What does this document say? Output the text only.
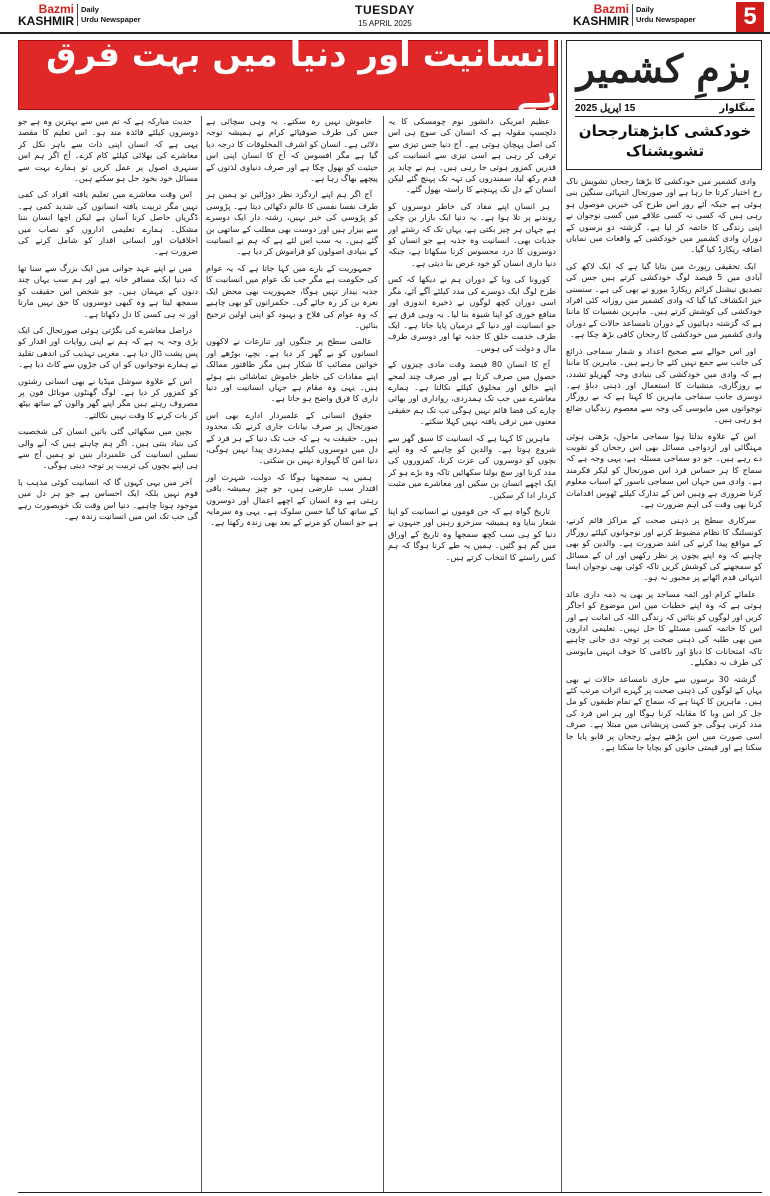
Bazmi
KASHMIR
Daily
Urdu Newspaper
TUESDAY
15 APRIL 2025
Bazmi
KASHMIR
Daily
Urdu Newspaper	5
بزمِ کشمیر
منگلوار
15 اپریل 2025
خودکشی کابڑھتارجحان تشویشناک
انسانیت اور دنیا میں بہت فرق ہے

وادی کشمیر میں خودکشی کا بڑھتا رجحان تشویش ناک رخ اختیار کرتا جا رہا ہے اور صورتحال انتہائی سنگین بنی ہوئی ہے جبکہ آئے روز اس طرح کی خبریں موصول ہو رہی ہیں کہ کسی نہ کسی علاقے میں کسی نوجوان نے اپنی زندگی کا خاتمہ کر لیا ہے۔ گزشتہ دو برسوں کے دوران وادی کشمیر میں خودکشی کے واقعات میں نمایاں اضافہ ریکارڈ کیا گیا۔

ایک تحقیقی رپورٹ میں بتایا گیا ہے کہ ایک لاکھ کی آبادی میں 5 فیصد لوگ خودکشی کرتے ہیں جس کی تصدیق نیشنل کرائم ریکارڈ بیورو نے بھی کی ہے۔ سنسنی خیز انکشاف کیا گیا کہ وادی کشمیر میں روزانہ کئی افراد خودکشی کی کوشش کرتے ہیں۔ ماہرین نفسیات کا ماننا ہے کہ گزشتہ دہائیوں کے دوران نامساعد حالات کے دوران وادی کشمیر میں خودکشی کا رجحان کافی بڑھ چکا ہے۔

اور اس حوالے سے صحیح اعداد و شمار سماجی ذرائع کی جانب سے جمع نہیں کئے جا رہے ہیں۔ ماہرین کا ماننا ہے کہ وادی میں خودکشی کی بنیادی وجہ گھریلو تشدد، بے روزگاری، منشیات کا استعمال اور ذہنی دباؤ ہے۔ دوسری جانب سماجی ماہرین کا کہنا ہے کہ بے روزگار نوجوانوں میں مایوسی کی وجہ سے معصوم زندگیاں ضائع ہو رہی ہیں۔

اس کے علاوہ بدلتا ہوا سماجی ماحول، بڑھتی ہوئی مہنگائی اور ازدواجی مسائل بھی اس رجحان کو تقویت دے رہے ہیں۔ جو دو سماجی مسئلہ ہے، یہی وجہ ہے کہ سماج کا ہر حساس فرد اس صورتحال کو لیکر فکرمند ہے۔ وادی میں جہاں اس سماجی ناسور کے اسباب معلوم کرنا ضروری ہے وہیں اس کے تدارک کیلئے ٹھوس اقدامات کرنا بھی وقت کی اہم ضرورت ہے۔

سرکاری سطح پر ذہنی صحت کے مراکز قائم کرنے، کونسلنگ کا نظام مضبوط کرنے اور نوجوانوں کیلئے روزگار کے مواقع پیدا کرنے کی اشد ضرورت ہے۔ والدین کو بھی چاہیے کہ وہ اپنے بچوں پر نظر رکھیں اور ان کے مسائل کو سمجھنے کی کوشش کریں تاکہ کوئی بھی نوجوان ایسا انتہائی قدم اٹھانے پر مجبور نہ ہو۔

علمائے کرام اور ائمہ مساجد پر بھی یہ ذمہ داری عائد ہوتی ہے کہ وہ اپنے خطبات میں اس موضوع کو اجاگر کریں اور لوگوں کو بتائیں کہ زندگی اللہ کی امانت ہے اور اس کا خاتمہ کسی مسئلے کا حل نہیں۔ تعلیمی اداروں میں بھی طلبہ کی ذہنی صحت پر توجہ دی جانی چاہیے تاکہ امتحانات کا دباؤ اور ناکامی کا خوف انہیں مایوسی کی طرف نہ دھکیلے۔

گزشتہ 30 برسوں سے جاری نامساعد حالات نے بھی یہاں کے لوگوں کی ذہنی صحت پر گہرے اثرات مرتب کئے ہیں۔ ماہرین کا کہنا ہے کہ سماج کے تمام طبقوں کو مل جل کر اس وبا کا مقابلہ کرنا ہوگا اور ہر اس فرد کی مدد کرنی ہوگی جو کسی پریشانی میں مبتلا ہے۔ صرف اسی صورت میں اس بڑھتے ہوئے رجحان پر قابو پایا جا سکتا ہے اور قیمتی جانوں کو بچایا جا سکتا ہے۔

عظیم امریکی دانشور نوم چومسکی کا یہ دلچسپ مقولہ ہے کہ انسان کی سوچ ہی اس کی اصل پہچان ہوتی ہے۔ آج دنیا جس تیزی سے ترقی کر رہی ہے اسی تیزی سے انسانیت کی قدریں کمزور ہوتی جا رہی ہیں۔ ہم نے چاند پر قدم رکھ لیا، سمندروں کی تہہ تک پہنچ گئے لیکن انسان کے دل تک پہنچنے کا راستہ بھول گئے۔

ہر انسان اپنے مفاد کی خاطر دوسروں کو روندنے پر تلا ہوا ہے۔ یہ دنیا ایک بازار بن چکی ہے جہاں ہر چیز بکتی ہے، یہاں تک کہ رشتے اور جذبات بھی۔ انسانیت وہ جذبہ ہے جو انسان کو دوسروں کا درد محسوس کرنا سکھاتا ہے، جبکہ دنیا داری انسان کو خود غرض بنا دیتی ہے۔

کورونا کی وبا کے دوران ہم نے دیکھا کہ کس طرح لوگ ایک دوسرے کی مدد کیلئے آگے آئے، مگر اسی دوران کچھ لوگوں نے ذخیرہ اندوزی اور منافع خوری کو اپنا شیوہ بنا لیا۔ یہ وہی فرق ہے جو انسانیت اور دنیا کے درمیان پایا جاتا ہے۔ ایک طرف خدمت خلق کا جذبہ تھا اور دوسری طرف مال و دولت کی ہوس۔

آج کا انسان 80 فیصد وقت مادی چیزوں کے حصول میں صرف کرتا ہے اور صرف چند لمحے اپنے خالق اور مخلوق کیلئے نکالتا ہے۔ ہمارے معاشرے میں جب تک ہمدردی، رواداری اور بھائی چارے کی فضا قائم نہیں ہوگی تب تک ہم حقیقی معنوں میں ترقی یافتہ نہیں کہلا سکتے۔

ماہرین کا کہنا ہے کہ انسانیت کا سبق گھر سے شروع ہوتا ہے۔ والدین کو چاہیے کہ وہ اپنے بچوں کو دوسروں کی عزت کرنا، کمزوروں کی مدد کرنا اور سچ بولنا سکھائیں تاکہ وہ بڑے ہو کر ایک اچھے انسان بن سکیں اور معاشرے میں مثبت کردار ادا کر سکیں۔

تاریخ گواہ ہے کہ جن قوموں نے انسانیت کو اپنا شعار بنایا وہ ہمیشہ سرخرو رہیں اور جنہوں نے دنیا کو ہی سب کچھ سمجھا وہ تاریخ کے اوراق میں گم ہو گئیں۔ ہمیں یہ طے کرنا ہوگا کہ ہم کس راستے کا انتخاب کرتے ہیں۔

خاموش نہیں رہ سکتے۔ یہ وہی سچائی ہے جس کی طرف صوفیائے کرام نے ہمیشہ توجہ دلائی ہے۔ انسان کو اشرف المخلوقات کا درجہ دیا گیا ہے مگر افسوس کہ آج کا انسان اپنی اس حیثیت کو بھول چکا ہے اور صرف دنیاوی لذتوں کے پیچھے بھاگ رہا ہے۔

آج اگر ہم اپنے اردگرد نظر دوڑائیں تو ہمیں ہر طرف نفسا نفسی کا عالم دکھائی دیتا ہے۔ پڑوسی کو پڑوسی کی خبر نہیں، رشتہ دار ایک دوسرے سے بیزار ہیں اور دوست بھی مطلب کے ساتھی بن گئے ہیں۔ یہ سب اس لئے ہے کہ ہم نے انسانیت کے بنیادی اصولوں کو فراموش کر دیا ہے۔

جمہوریت کے بارے میں کہا جاتا ہے کہ یہ عوام کی حکومت ہے مگر جب تک عوام میں انسانیت کا جذبہ بیدار نہیں ہوگا، جمہوریت بھی محض ایک نعرہ بن کر رہ جائے گی۔ حکمرانوں کو بھی چاہیے کہ وہ عوام کی فلاح و بہبود کو اپنی اولین ترجیح بنائیں۔

عالمی سطح پر جنگوں اور تنازعات نے لاکھوں انسانوں کو بے گھر کر دیا ہے۔ بچے، بوڑھے اور خواتین مصائب کا شکار ہیں مگر طاقتور ممالک اپنے مفادات کی خاطر خاموش تماشائی بنے ہوئے ہیں۔ یہی وہ مقام ہے جہاں انسانیت اور دنیا داری کا فرق واضح ہو جاتا ہے۔

حقوق انسانی کے علمبردار ادارے بھی اس صورتحال پر صرف بیانات جاری کرنے تک محدود ہیں۔ حقیقت یہ ہے کہ جب تک دنیا کے ہر فرد کے دل میں دوسروں کیلئے ہمدردی پیدا نہیں ہوگی، دنیا امن کا گہوارہ نہیں بن سکتی۔

ہمیں یہ سمجھنا ہوگا کہ دولت، شہرت اور اقتدار سب عارضی ہیں، جو چیز ہمیشہ باقی رہتی ہے وہ انسان کے اچھے اعمال اور دوسروں کے ساتھ کیا گیا حسن سلوک ہے۔ یہی وہ سرمایہ ہے جو انسان کو مرنے کے بعد بھی زندہ رکھتا ہے۔

حدیث مبارکہ ہے کہ تم میں سے بہترین وہ ہے جو دوسروں کیلئے فائدہ مند ہو۔ اس تعلیم کا مقصد یہی ہے کہ انسان اپنی ذات سے باہر نکل کر معاشرے کی بھلائی کیلئے کام کرے۔ آج اگر ہم اس سنہری اصول پر عمل کریں تو ہمارے بہت سے مسائل خود بخود حل ہو سکتے ہیں۔

اس وقت معاشرے میں تعلیم یافتہ افراد کی کمی نہیں مگر تربیت یافتہ انسانوں کی شدید کمی ہے۔ ڈگریاں حاصل کرنا آسان ہے لیکن اچھا انسان بننا مشکل۔ ہمارے تعلیمی اداروں کو نصاب میں اخلاقیات اور انسانی اقدار کو شامل کرنے کی ضرورت ہے۔

میں نے اپنے عہد جوانی میں ایک بزرگ سے سنا تھا کہ دنیا ایک مسافر خانہ ہے اور ہم سب یہاں چند دنوں کے مہمان ہیں۔ جو شخص اس حقیقت کو سمجھ لیتا ہے وہ کبھی دوسروں کا حق نہیں مارتا اور نہ ہی کسی کا دل دکھاتا ہے۔

دراصل معاشرے کی بگڑتی ہوئی صورتحال کی ایک بڑی وجہ یہ ہے کہ ہم نے اپنی روایات اور اقدار کو پس پشت ڈال دیا ہے۔ مغربی تہذیب کی اندھی تقلید نے ہمارے نوجوانوں کو ان کی جڑوں سے کاٹ دیا ہے۔

اس کے علاوہ سوشل میڈیا نے بھی انسانی رشتوں کو کمزور کر دیا ہے۔ لوگ گھنٹوں موبائل فون پر مصروف رہتے ہیں مگر اپنے گھر والوں کے ساتھ بیٹھ کر بات کرنے کا وقت نہیں نکالتے۔

بچپن میں سکھائی گئی باتیں انسان کی شخصیت کی بنیاد بنتی ہیں۔ اگر ہم چاہتے ہیں کہ آنے والی نسلیں انسانیت کی علمبردار بنیں تو ہمیں آج سے ہی اپنے بچوں کی تربیت پر توجہ دینی ہوگی۔

آخر میں یہی کہوں گا کہ انسانیت کوئی مذہب یا قوم نہیں بلکہ ایک احساس ہے جو ہر دل میں موجود ہونا چاہیے۔ دنیا اس وقت تک خوبصورت رہے گی جب تک اس میں انسانیت زندہ ہے۔
